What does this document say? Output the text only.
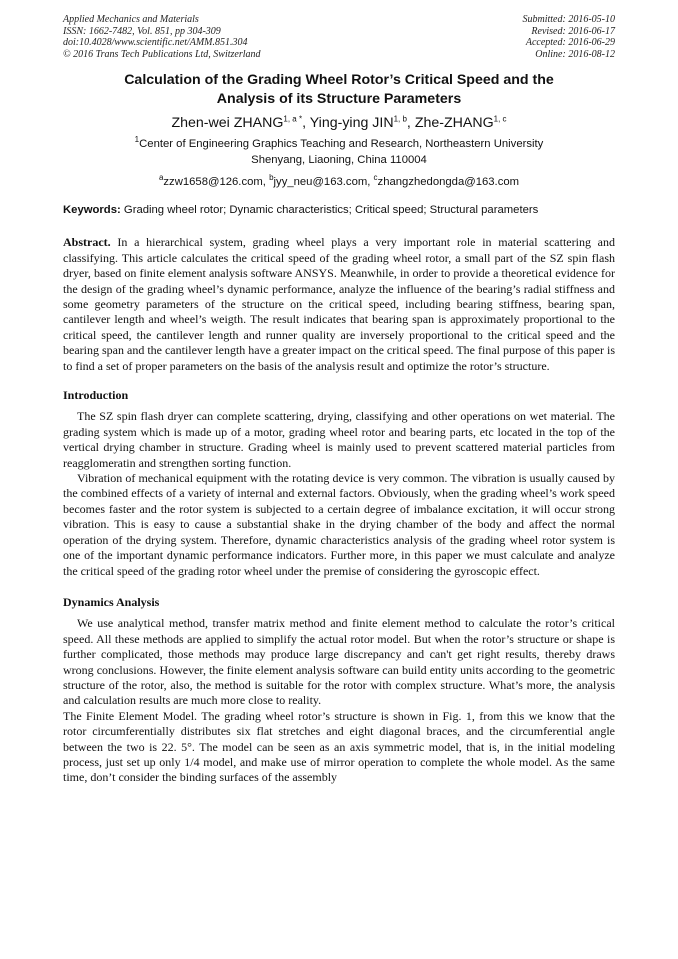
Applied Mechanics and Materials
ISSN: 1662-7482, Vol. 851, pp 304-309
doi:10.4028/www.scientific.net/AMM.851.304
© 2016 Trans Tech Publications Ltd, Switzerland
Submitted: 2016-05-10
Revised: 2016-06-17
Accepted: 2016-06-29
Online: 2016-08-12
Calculation of the Grading Wheel Rotor’s Critical Speed and the
Analysis of its Structure Parameters
Zhen-wei $ZHANG^{1, a *}$, Ying-ying JIN$^{1, b}$, Zhe-ZHANG$^{1, c}$
$^1$Center of Engineering Graphics Teaching and Research, Northeastern University
Shenyang, Liaoning, China 110004
$^a$zzw1658@126.com, $^b$jyy_neu@163.com, $^c$zhangzhedongda@163.com
Keywords: Grading wheel rotor; Dynamic characteristics; Critical speed; Structural parameters

Abstract. In a hierarchical system, grading wheel plays a very important role in material scattering and classifying. This article calculates the critical speed of the grading wheel rotor, a small part of the SZ spin flash dryer, based on finite element analysis software ANSYS. Meanwhile, in order to provide a theoretical evidence for the design of the grading wheel’s dynamic performance, analyze the influence of the bearing’s radial stiffness and some geometry parameters of the structure on the critical speed, including bearing stiffness, bearing span, cantilever length and wheel’s weigth. The result indicates that bearing span is approximately proportional to the critical speed, the cantilever length and runner quality are inversely proportional to the critical speed and the bearing span and the cantilever length have a greater impact on the critical speed. The final purpose of this paper is to find a set of proper parameters on the basis of the analysis result and optimize the rotor’s structure.

Introduction

The SZ spin flash dryer can complete scattering, drying, classifying and other operations on wet material. The grading system which is made up of a motor, grading wheel rotor and bearing parts, etc located in the top of the vertical drying chamber in structure. Grading wheel is mainly used to prevent scattered material particles from reagglomeratin and strengthen sorting function.

Vibration of mechanical equipment with the rotating device is very common. The vibration is usually caused by the combined effects of a variety of internal and external factors. Obviously, when the grading wheel’s work speed becomes faster and the rotor system is subjected to a certain degree of imbalance excitation, it will occur strong vibration. This is easy to cause a substantial shake in the drying chamber of the body and affect the normal operation of the drying system. Therefore, dynamic characteristics analysis of the grading wheel rotor system is one of the important dynamic performance indicators. Further more, in this paper we must calculate and analyze the critical speed of the grading rotor wheel under the premise of considering the gyroscopic effect.

Dynamics Analysis

We use analytical method, transfer matrix method and finite element method to calculate the rotor’s critical speed. All these methods are applied to simplify the actual rotor model. But when the rotor’s structure or shape is further complicated, those methods may produce large discrepancy and can't get right results, thereby draws wrong conclusions. However, the finite element analysis software can build entity units according to the geometric structure of the rotor, also, the method is suitable for the rotor with complex structure. What’s more, the analysis and calculation results are much more close to reality.

The Finite Element Model. The grading wheel rotor’s structure is shown in Fig. 1, from this we know that the rotor circumferentially distributes six flat stretches and eight diagonal braces, and the circumferential angle between the two is 22. 5°. The model can be seen as an axis symmetric model, that is, in the initial modeling process, just set up only 1/4 model, and make use of mirror operation to complete the whole model. As the same time, don’t consider the binding surfaces of the assembly
